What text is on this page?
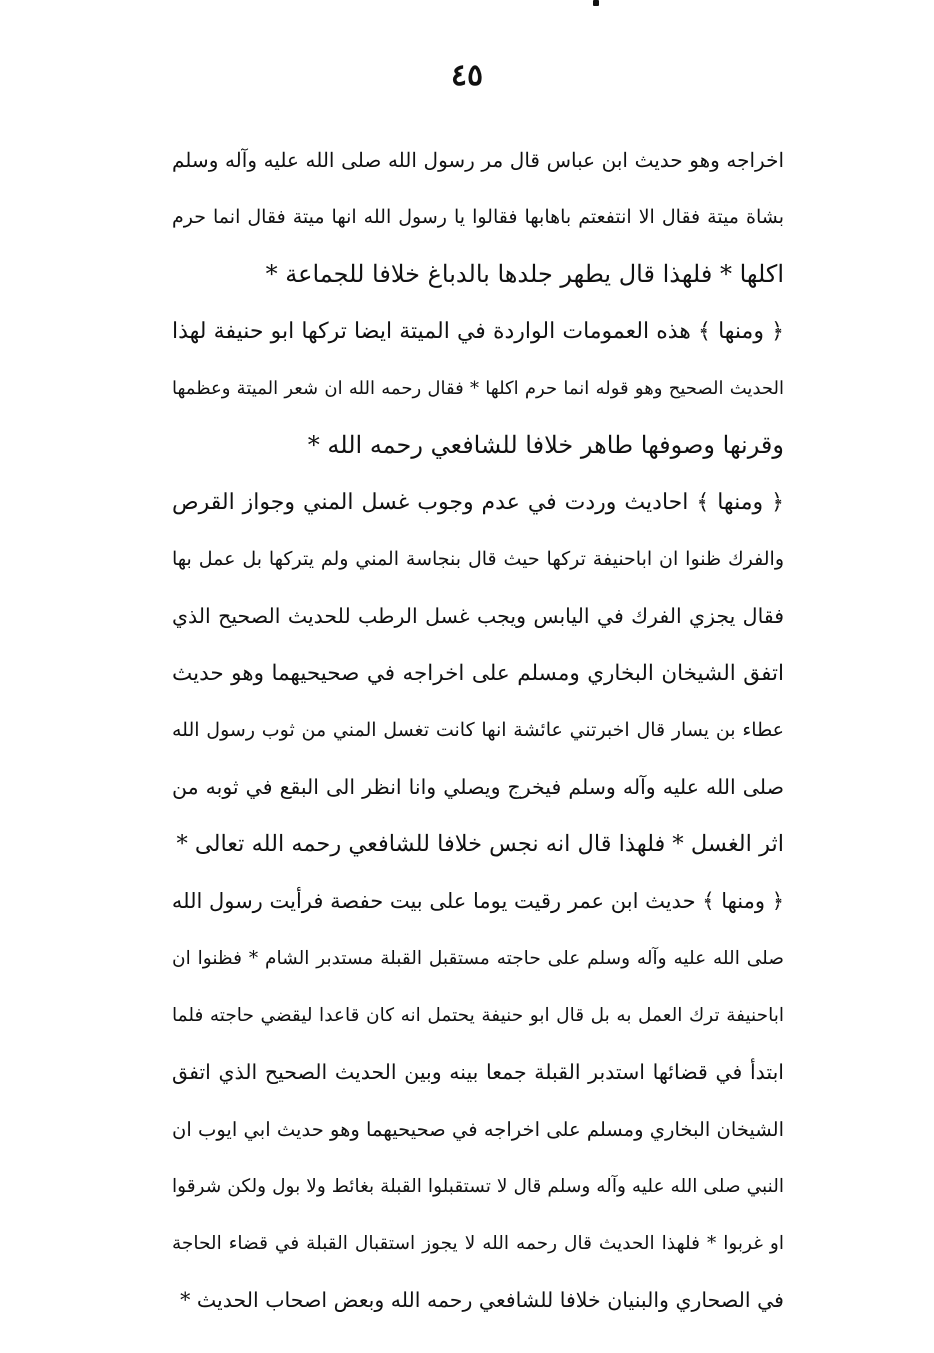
٤٥
اخراجه وهو حديث ابن عباس قال مر رسول الله صلى الله عليه وآله وسلم
بشاة ميتة فقال الا انتفعتم باهابها فقالوا يا رسول الله انها ميتة فقال انما حرم
اكلها * فلهذا قال يطهر جلدها بالدباغ خلافا للجماعة *
﴿ ومنها ﴾ هذه العمومات الواردة في الميتة ايضا تركها ابو حنيفة لهذا
الحديث الصحيح وهو قوله انما حرم اكلها * فقال رحمه الله ان شعر الميتة وعظمها
وقرنها وصوفها طاهر خلافا للشافعي رحمه الله *
﴿ ومنها ﴾ احاديث وردت في عدم وجوب غسل المني وجواز القرص
والفرك ظنوا ان اباحنيفة تركها حيث قال بنجاسة المني ولم يتركها بل عمل بها
فقال يجزي الفرك في اليابس ويجب غسل الرطب للحديث الصحيح الذي
اتفق الشيخان البخاري ومسلم على اخراجه في صحيحيهما وهو حديث
عطاء بن يسار قال اخبرتني عائشة انها كانت تغسل المني من ثوب رسول الله
صلى الله عليه وآله وسلم فيخرج ويصلي وانا انظر الى البقع في ثوبه من
اثر الغسل * فلهذا قال انه نجس خلافا للشافعي رحمه الله تعالى *
﴿ ومنها ﴾ حديث ابن عمر رقيت يوما على بيت حفصة فرأيت رسول الله
صلى الله عليه وآله وسلم على حاجته مستقبل القبلة مستدبر الشام * فظنوا ان
اباحنيفة ترك العمل به بل قال ابو حنيفة يحتمل انه كان قاعدا ليقضي حاجته فلما
ابتدأ في قضائها استدبر القبلة جمعا بينه وبين الحديث الصحيح الذي اتفق
الشيخان البخاري ومسلم على اخراجه في صحيحيهما وهو حديث ابي ايوب ان
النبي صلى الله عليه وآله وسلم قال لا تستقبلوا القبلة بغائط ولا بول ولكن شرقوا
او غربوا * فلهذا الحديث قال رحمه الله لا يجوز استقبال القبلة في قضاء الحاجة
في الصحاري والبنيان خلافا للشافعي رحمه الله وبعض اصحاب الحديث *
